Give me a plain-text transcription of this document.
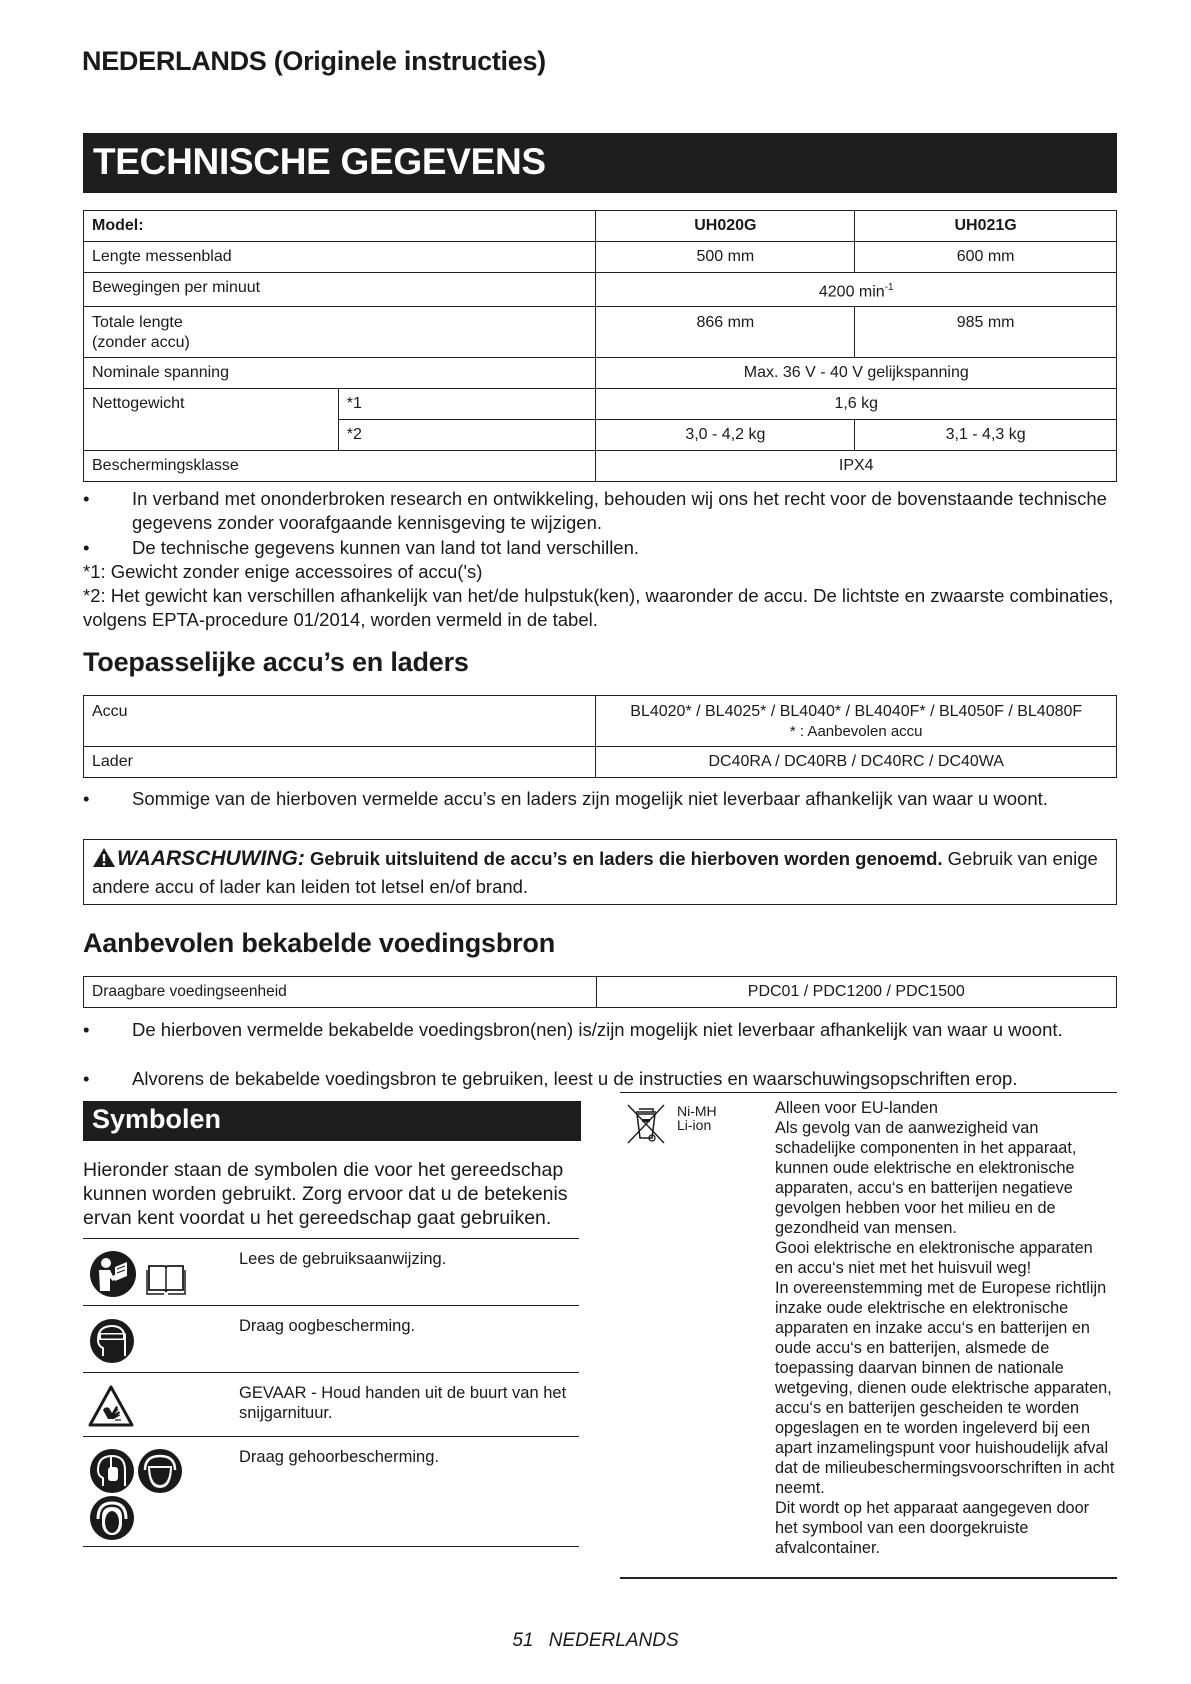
NEDERLANDS (Originele instructies)
TECHNISCHE GEGEVENS
Model:		UH020G	UH021G
Lengte messenblad		500 mm	600 mm
Bewegingen per minuut		4200 $\min^{-1}$
Totale lengte
(zonder accu)		866 mm	985 mm
Nominale spanning		Max. 36 V - 40 V gelijkspanning	
Nettogewicht	*1	1,6 kg	
	*2	3,0 - 4,2 kg	3,1 - 4,3 kg
Beschermingsklasse		IPX4	
• In verband met ononderbroken research en ontwikkeling, behouden wij ons het recht voor de bovenstaande technische gegevens zonder voorafgaande kennisgeving te wijzigen.
• De technische gegevens kunnen van land tot land verschillen.
*1: Gewicht zonder enige accessoires of accu('s)
*2: Het gewicht kan verschillen afhankelijk van het/de hulpstuk(ken), waaronder de accu. De lichtste en zwaarste combinaties, volgens EPTA-procedure 01/2014, worden vermeld in de tabel.
Toepasselijke accu’s en laders
Accu	BL4020* / BL4025* / BL4040* / BL4040F* / BL4050F / BL4080F
* : Aanbevolen accu
Lader	DC40RA / DC40RB / DC40RC / DC40WA
• Sommige van de hierboven vermelde accu’s en laders zijn mogelijk niet leverbaar afhankelijk van waar u woont.
WAARSCHUWING: Gebruik uitsluitend de accu’s en laders die hierboven worden genoemd. Gebruik van enige andere accu of lader kan leiden tot letsel en/of brand.
Aanbevolen bekabelde voedingsbron
Draagbare voedingseenheid	PDC01 / PDC1200 / PDC1500
• De hierboven vermelde bekabelde voedingsbron(nen) is/zijn mogelijk niet leverbaar afhankelijk van waar u woont.
• Alvorens de bekabelde voedingsbron te gebruiken, leest u de instructies en waarschuwingsopschriften erop.
Symbolen
Hieronder staan de symbolen die voor het gereedschap kunnen worden gebruikt. Zorg ervoor dat u de betekenis ervan kent voordat u het gereedschap gaat gebruiken.

Lees de gebruiksaanwijzing.
Draag oogbescherming.
GEVAAR - Houd handen uit de buurt van het snijgarnituur.

Draag gehoorbescherming.
Ni-MH
Li-ion
Alleen voor EU-landen
Als gevolg van de aanwezigheid van schadelijke componenten in het apparaat, kunnen oude elektrische en elektronische apparaten, accu‘s en batterijen negatieve gevolgen hebben voor het milieu en de gezondheid van mensen.
Gooi elektrische en elektronische apparaten en accu‘s niet met het huisvuil weg!
In overeenstemming met de Europese richtlijn inzake oude elektrische en elektronische apparaten en inzake accu‘s en batterijen en oude accu‘s en batterijen, alsmede de toepassing daarvan binnen de nationale wetgeving, dienen oude elektrische apparaten, accu‘s en batterijen gescheiden te worden opgeslagen en te worden ingeleverd bij een apart inzamelingspunt voor huishoudelijk afval dat de milieubeschermingsvoorschriften in acht neemt.
Dit wordt op het apparaat aangegeven door het symbool van een doorgekruiste afvalcontainer.
51 NEDERLANDS
